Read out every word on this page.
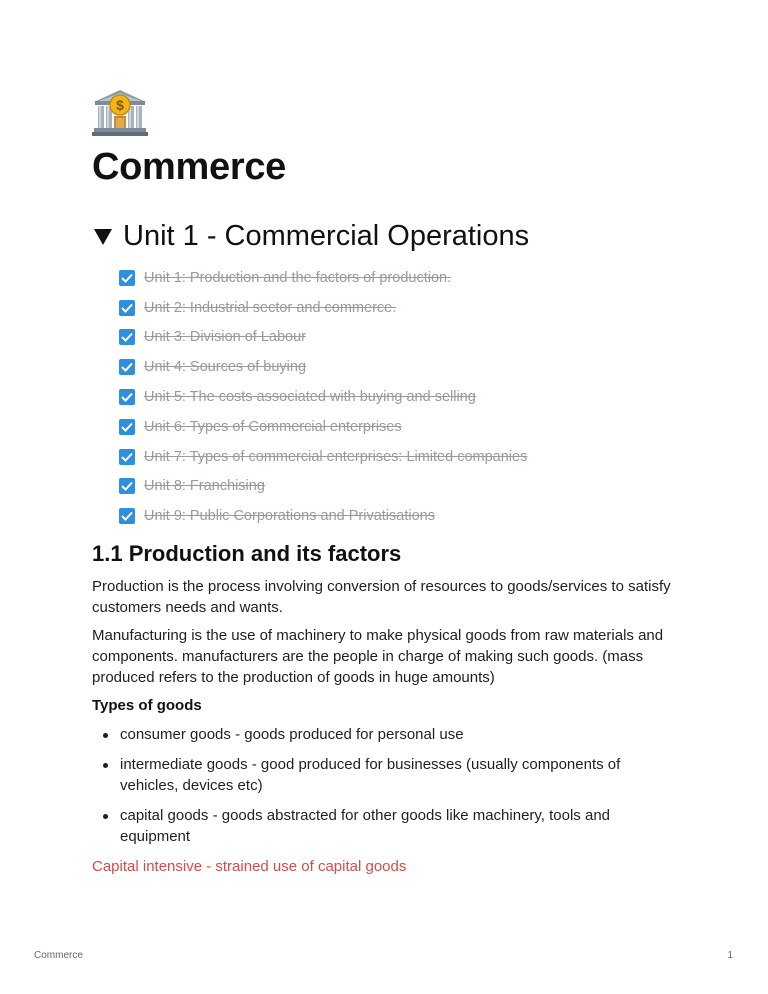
$
Commerce
Unit 1 - Commercial Operations
Unit 1: Production and the factors of production.
Unit 2: Industrial sector and commerce.
Unit 3: Division of Labour
Unit 4: Sources of buying
Unit 5: The costs associated with buying and selling
Unit 6: Types of Commercial enterprises
Unit 7: Types of commercial enterprises: Limited companies
Unit 8: Franchising
Unit 9: Public Corporations and Privatisations
1.1 Production and its factors

Production is the process involving conversion of resources to goods/services to satisfy customers needs and wants.

Manufacturing is the use of machinery to make physical goods from raw materials and components. manufacturers are the people in charge of making such goods. (mass produced refers to the production of goods in huge amounts)

Types of goods

consumer goods - goods produced for personal use
intermediate goods - good produced for businesses (usually components of vehicles, devices etc)
capital goods - goods abstracted for other goods like machinery, tools and equipment

Capital intensive - strained use of capital goods

Commerce	1
